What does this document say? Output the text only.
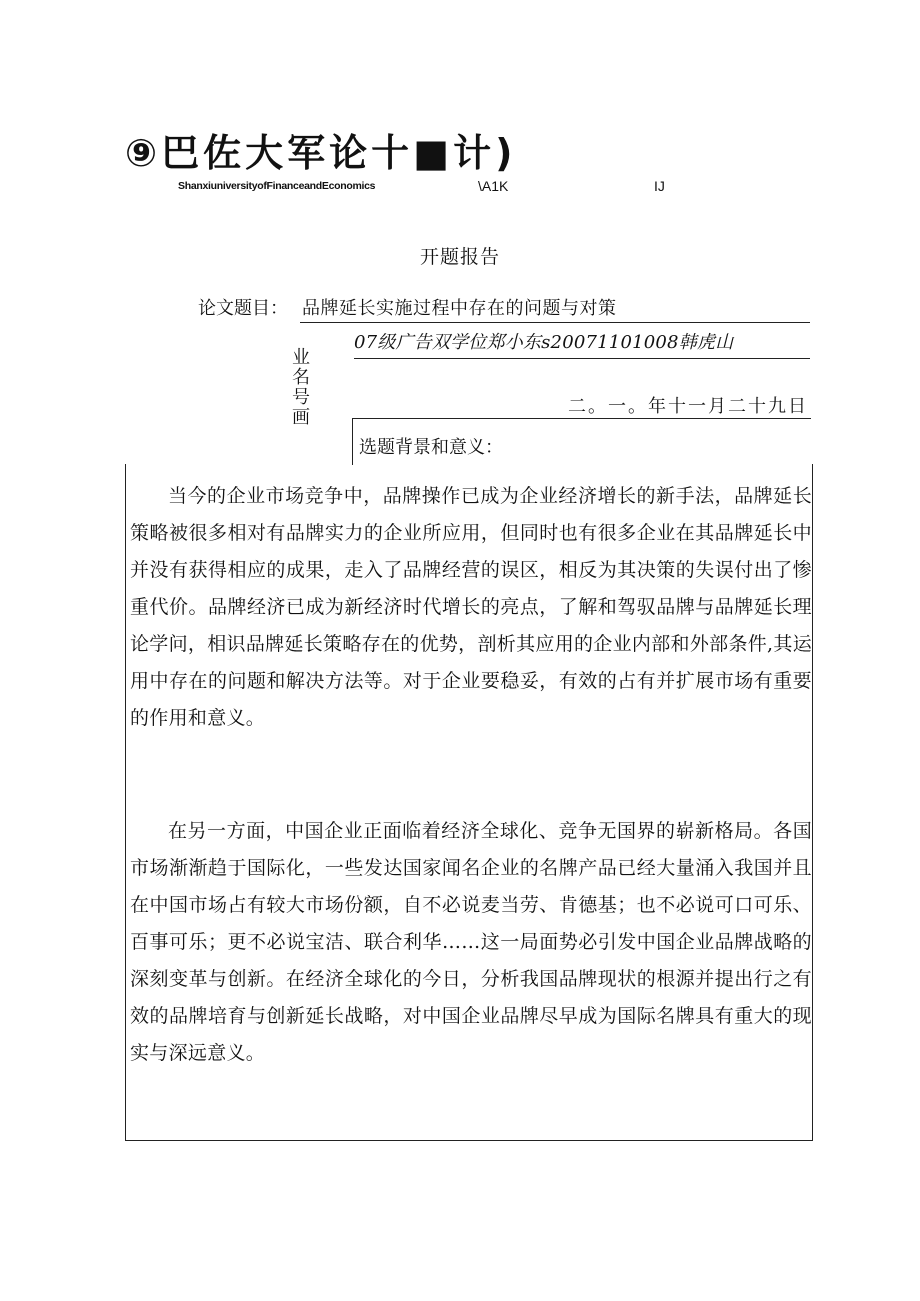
⑨巴佐大军论十■计)
ShanxiuniversityofFinanceandEconomics	\A1K	IJ
开题报告
论文题目： 品牌延长实施过程中存在的问题与对策
07级广告双学位郑小东s20071101008韩虎山
业
名
号
画
二。一。年十一月二十九日
选题背景和意义：
当今的企业市场竞争中，品牌操作已成为企业经济增长的新手法，品牌延长策略被很多相对有品牌实力的企业所应用，但同时也有很多企业在其品牌延长中并没有获得相应的成果，走入了品牌经营的误区，相反为其决策的失误付出了惨重代价。品牌经济已成为新经济时代增长的亮点，了解和驾驭品牌与品牌延长理论学问，相识品牌延长策略存在的优势，剖析其应用的企业内部和外部条件,其运用中存在的问题和解决方法等。对于企业要稳妥，有效的占有并扩展市场有重要的作用和意义。
在另一方面，中国企业正面临着经济全球化、竞争无国界的崭新格局。各国市场渐渐趋于国际化，一些发达国家闻名企业的名牌产品已经大量涌入我国并且在中国市场占有较大市场份额，自不必说麦当劳、肯德基；也不必说可口可乐、百事可乐；更不必说宝洁、联合利华……这一局面势必引发中国企业品牌战略的深刻变革与创新。在经济全球化的今日，分析我国品牌现状的根源并提出行之有效的品牌培育与创新延长战略，对中国企业品牌尽早成为国际名牌具有重大的现实与深远意义。
